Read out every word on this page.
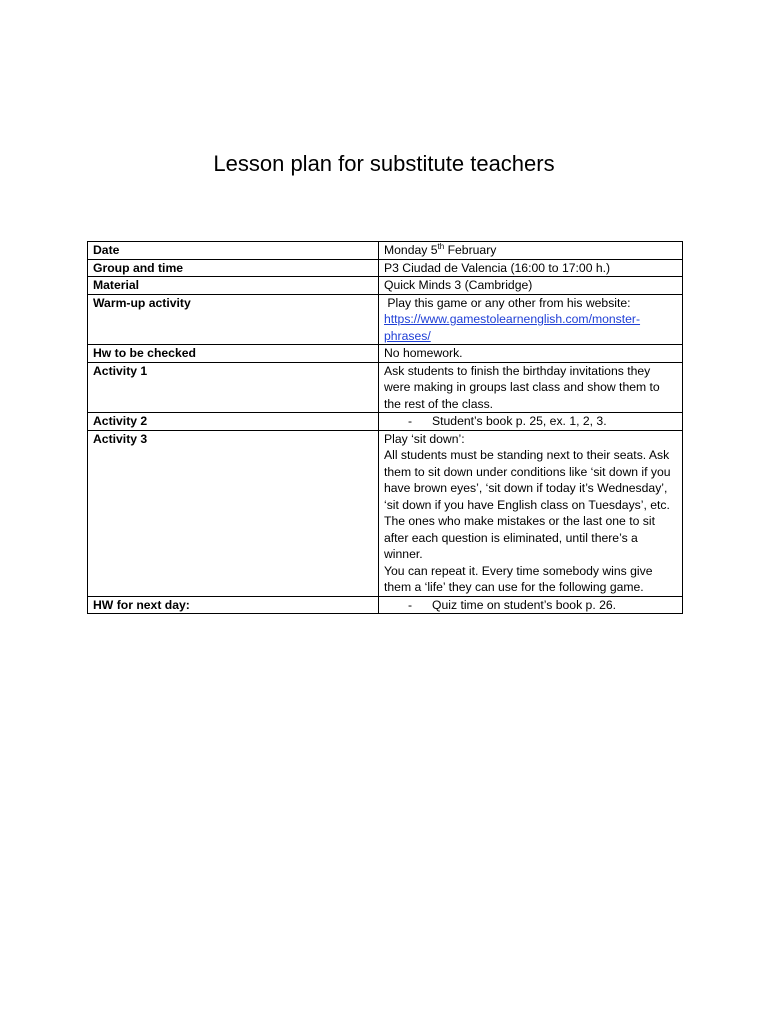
Lesson plan for substitute teachers
Date	Monday 5th February
Group and time	P3 Ciudad de Valencia (16:00 to 17:00 h.)
Material	Quick Minds 3 (Cambridge)
Warm-up activity	Play this game or any other from his website:
https://www.gamestolearnenglish.com/monster-phrases/
Hw to be checked	No homework.
Activity 1	Ask students to finish the birthday invitations they were making in groups last class and show them to the rest of the class.
Activity 2	- Student’s book p. 25, ex. 1, 2, 3.

Activity 3	Play ‘sit down’:
All students must be standing next to their seats. Ask them to sit down under conditions like ‘sit down if you have brown eyes’, ‘sit down if today it’s Wednesday’, ‘sit down if you have English class on Tuesdays’, etc. The ones who make mistakes or the last one to sit after each question is eliminated, until there’s a winner.
You can repeat it. Every time somebody wins give them a ‘life’ they can use for the following game.

HW for next day:	- Quiz time on student’s book p. 26.
